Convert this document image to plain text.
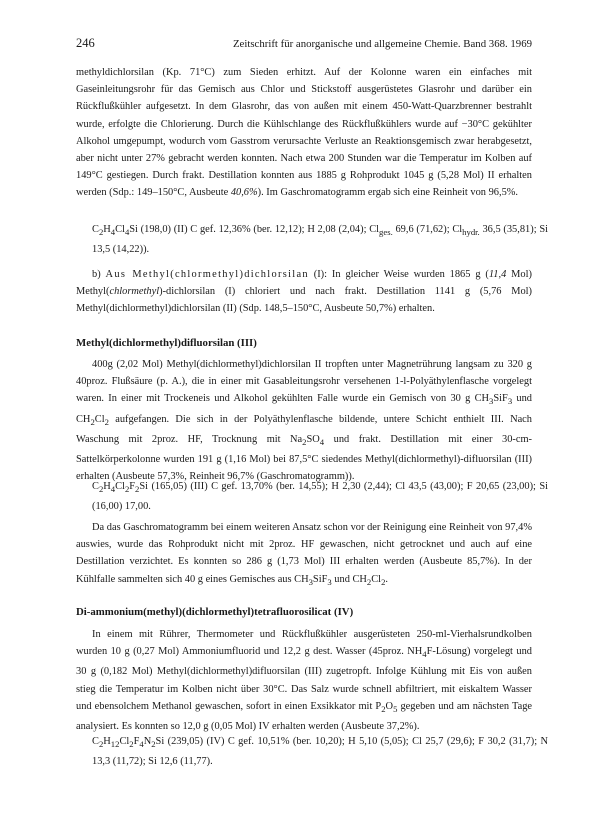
246	Zeitschrift für anorganische und allgemeine Chemie. Band 368. 1969

methyldichlorsilan (Kp. 71°C) zum Sieden erhitzt. Auf der Kolonne waren ein einfaches mit Gaseinleitungsrohr für das Gemisch aus Chlor und Stickstoff ausgerüstetes Glasrohr und darüber ein Rückflußkühler aufgesetzt. In dem Glasrohr, das von außen mit einem 450-Watt-Quarzbrenner bestrahlt wurde, erfolgte die Chlorierung. Durch die Kühlschlange des Rückflußkühlers wurde auf −30°C gekühlter Alkohol umgepumpt, wodurch vom Gasstrom verursachte Verluste an Reaktionsgemisch zwar herabgesetzt, aber nicht unter 27% gebracht werden konnten. Nach etwa 200 Stunden war die Temperatur im Kolben auf 149°C gestiegen. Durch frakt. Destillation konnten aus 1885 g Rohprodukt 1045 g (5,28 Mol) II erhalten werden (Sdp.: 149–150°C, Ausbeute 40,6%). Im Gaschromatogramm ergab sich eine Reinheit von 96,5%.

$C_2H_4Cl_4Si$ (198,0) (II) C gef. 12,36% (ber. 12,12); H 2,08 (2,04); $Cl_{ges.}$ 69,6 (71,62); $Cl_{hydr.}$ 36,5 (35,81); Si 13,5 (14,22)).

b) Aus Methyl(chlormethyl)dichlorsilan (I): In gleicher Weise wurden 1865 g (11,4 Mol) Methyl(chlormethyl)-dichlorsilan (I) chloriert und nach frakt. Destillation 1141 g (5,76 Mol) Methyl(dichlormethyl)dichlorsilan (II) (Sdp. 148,5–150°C, Ausbeute 50,7%) erhalten.

Methyl(dichlormethyl)difluorsilan (III)

400g (2,02 Mol) Methyl(dichlormethyl)dichlorsilan II tropften unter Magnetrührung langsam zu 320 g 40proz. Flußsäure (p. A.), die in einer mit Gasableitungsrohr versehenen 1-l-Polyäthylenflasche vorgelegt waren. In einer mit Trockeneis und Alkohol gekühlten Falle wurde ein Gemisch von 30 g $CH_3SiF_3$ und $CH_2Cl_2$ aufgefangen. Die sich in der Polyäthylenflasche bildende, untere Schicht enthielt III. Nach Waschung mit 2proz. HF, Trocknung mit $Na_2SO_4$ und frakt. Destillation mit einer 30-cm-Sattelkörperkolonne wurden 191 g (1,16 Mol) bei 87,5°C siedendes Methyl(dichlormethyl)-difluorsilan (III) erhalten (Ausbeute 57,3%, Reinheit 96,7% (Gaschromatogramm)).

$C_2H_4Cl_2F_2Si$ (165,05) (III) C gef. 13,70% (ber. 14,55); H 2,30 (2,44); Cl 43,5 (43,00); F 20,65 (23,00); Si (16,00) 17,00.

Da das Gaschromatogramm bei einem weiteren Ansatz schon vor der Reinigung eine Reinheit von 97,4% auswies, wurde das Rohprodukt nicht mit 2proz. HF gewaschen, nicht getrocknet und auch auf eine Destillation verzichtet. Es konnten so 286 g (1,73 Mol) III erhalten werden (Ausbeute 85,7%). In der Kühlfalle sammelten sich 40 g eines Gemisches aus $CH_3SiF_3$ und $CH_2Cl_2$.

Di-ammonium(methyl)(dichlormethyl)tetrafluorosilicat (IV)

In einem mit Rührer, Thermometer und Rückflußkühler ausgerüsteten 250-ml-Vierhalsrundkolben wurden 10 g (0,27 Mol) Ammoniumfluorid und 12,2 g dest. Wasser (45proz. $NH_4F-Lösung$) vorgelegt und 30 g (0,182 Mol) Methyl(dichlormethyl)difluorsilan (III) zugetropft. Infolge Kühlung mit Eis von außen stieg die Temperatur im Kolben nicht über 30°C. Das Salz wurde schnell abfiltriert, mit eiskaltem Wasser und ebensolchem Methanol gewaschen, sofort in einen Exsikkator mit $P_2O_5$ gegeben und am nächsten Tage analysiert. Es konnten so 12,0 g (0,05 Mol) IV erhalten werden (Ausbeute 37,2%).

$C_2H_{12}Cl_2F_4N_2Si$ (239,05) (IV) C gef. 10,51% (ber. 10,20); H 5,10 (5,05); Cl 25,7 (29,6); F 30,2 (31,7); N 13,3 (11,72); Si 12,6 (11,77).
